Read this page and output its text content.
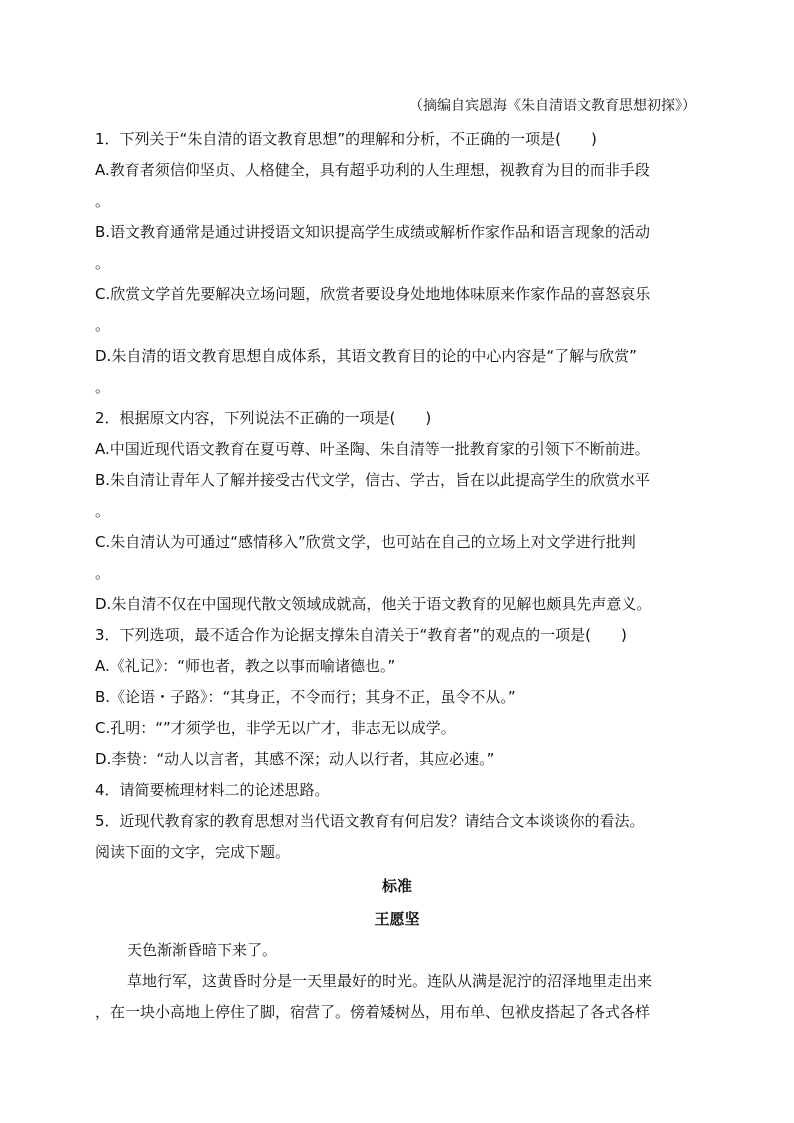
（摘编自宾恩海《朱自清语文教育思想初探》）
1．下列关于“朱自清的语文教育思想”的理解和分析，不正确的一项是(　　)
A.教育者须信仰坚贞、人格健全，具有超乎功利的人生理想，视教育为目的而非手段
。
B.语文教育通常是通过讲授语文知识提高学生成绩或解析作家作品和语言现象的活动
。
C.欣赏文学首先要解决立场问题，欣赏者要设身处地地体味原来作家作品的喜怒哀乐
。
D.朱自清的语文教育思想自成体系，其语文教育目的论的中心内容是“了解与欣赏”
。
2．根据原文内容，下列说法不正确的一项是(　　)
A.中国近现代语文教育在夏丏尊、叶圣陶、朱自清等一批教育家的引领下不断前进。
B.朱自清让青年人了解并接受古代文学，信古、学古，旨在以此提高学生的欣赏水平
。
C.朱自清认为可通过“感情移入”欣赏文学，也可站在自己的立场上对文学进行批判
。
D.朱自清不仅在中国现代散文领域成就高，他关于语文教育的见解也颇具先声意义。
3．下列选项，最不适合作为论据支撑朱自清关于“教育者”的观点的一项是(　　)
A.《礼记》：“师也者，教之以事而喻诸德也。”
B.《论语・子路》：“其身正，不令而行；其身不正，虽令不从。”
C.孔明：“”才须学也，非学无以广才，非志无以成学。
D.李贽：“动人以言者，其感不深；动人以行者，其应必速。”
4．请简要梳理材料二的论述思路。
5．近现代教育家的教育思想对当代语文教育有何启发？请结合文本谈谈你的看法。
阅读下面的文字，完成下题。
标准
王愿坚
天色渐渐昏暗下来了。
草地行军，这黄昏时分是一天里最好的时光。连队从满是泥泞的沼泽地里走出来
，在一块小高地上停住了脚，宿营了。傍着矮树丛，用布单、包袱皮搭起了各式各样
